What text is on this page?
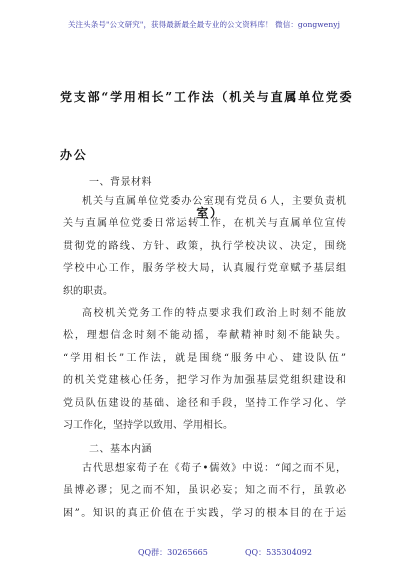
关注头条号"公文研究"，获得最新最全最专业的公文资料库！ 微信：gongwenyj
党支部“学用相长”工作法（机关与直属单位党委办公
室）
一、背景材料
机关与直属单位党委办公室现有党员６人，主要负责机
关与直属单位党委日常运转工作，在机关与直属单位宣传
贯彻党的路线、方针、政策，执行学校决议、决定，围绕
学校中心工作，服务学校大局，认真履行党章赋予基层组
织的职责。
高校机关党务工作的特点要求我们政治上时刻不能放
松，理想信念时刻不能动摇，奉献精神时刻不能缺失。
“学用相长”工作法，就是围绕“服务中心、建设队伍”
的机关党建核心任务，把学习作为加强基层党组织建设和
党员队伍建设的基础、途径和手段，坚持工作学习化、学
习工作化，坚持学以致用、学用相长。
二、基本内涵
古代思想家荀子在《荀子•儒效》中说：“闻之而不见，
虽博必谬；见之而不知，虽识必妄；知之而不行，虽敦必
困”。知识的真正价值在于实践，学习的根本目的在于运
QQ群：30265665	QQ：535304092
